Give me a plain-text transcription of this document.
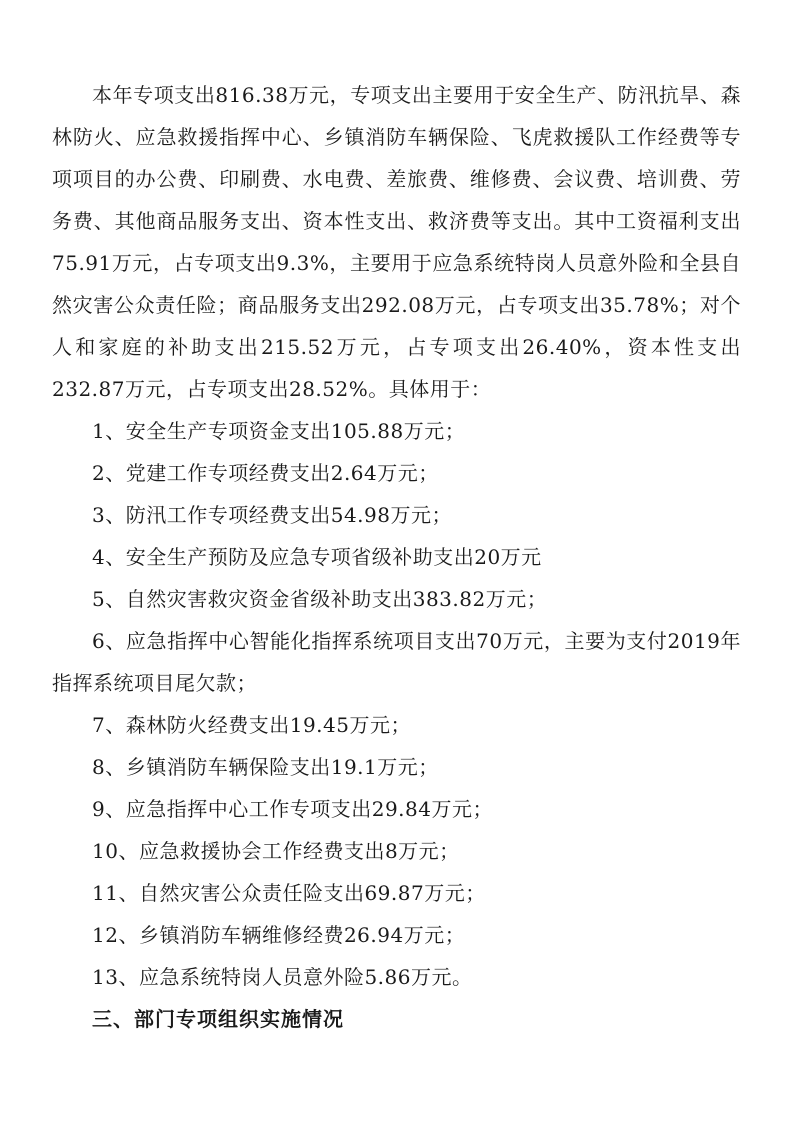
本年专项支出816.38万元，专项支出主要用于安全生产、防汛抗旱、森林防火、应急救援指挥中心、乡镇消防车辆保险、飞虎救援队工作经费等专项项目的办公费、印刷费、水电费、差旅费、维修费、会议费、培训费、劳务费、其他商品服务支出、资本性支出、救济费等支出。其中工资福利支出75.91万元，占专项支出9.3%，主要用于应急系统特岗人员意外险和全县自然灾害公众责任险；商品服务支出292.08万元，占专项支出35.78%；对个人和家庭的补助支出215.52万元，占专项支出26.40%，资本性支出232.87万元，占专项支出28.52%。具体用于：

1、安全生产专项资金支出105.88万元；

2、党建工作专项经费支出2.64万元；

3、防汛工作专项经费支出54.98万元；

4、安全生产预防及应急专项省级补助支出20万元

5、自然灾害救灾资金省级补助支出383.82万元；

6、应急指挥中心智能化指挥系统项目支出70万元，主要为支付2019年指挥系统项目尾欠款；

7、森林防火经费支出19.45万元；

8、乡镇消防车辆保险支出19.1万元；

9、应急指挥中心工作专项支出29.84万元；

10、应急救援协会工作经费支出8万元；

11、自然灾害公众责任险支出69.87万元；

12、乡镇消防车辆维修经费26.94万元；

13、应急系统特岗人员意外险5.86万元。

三、部门专项组织实施情况
